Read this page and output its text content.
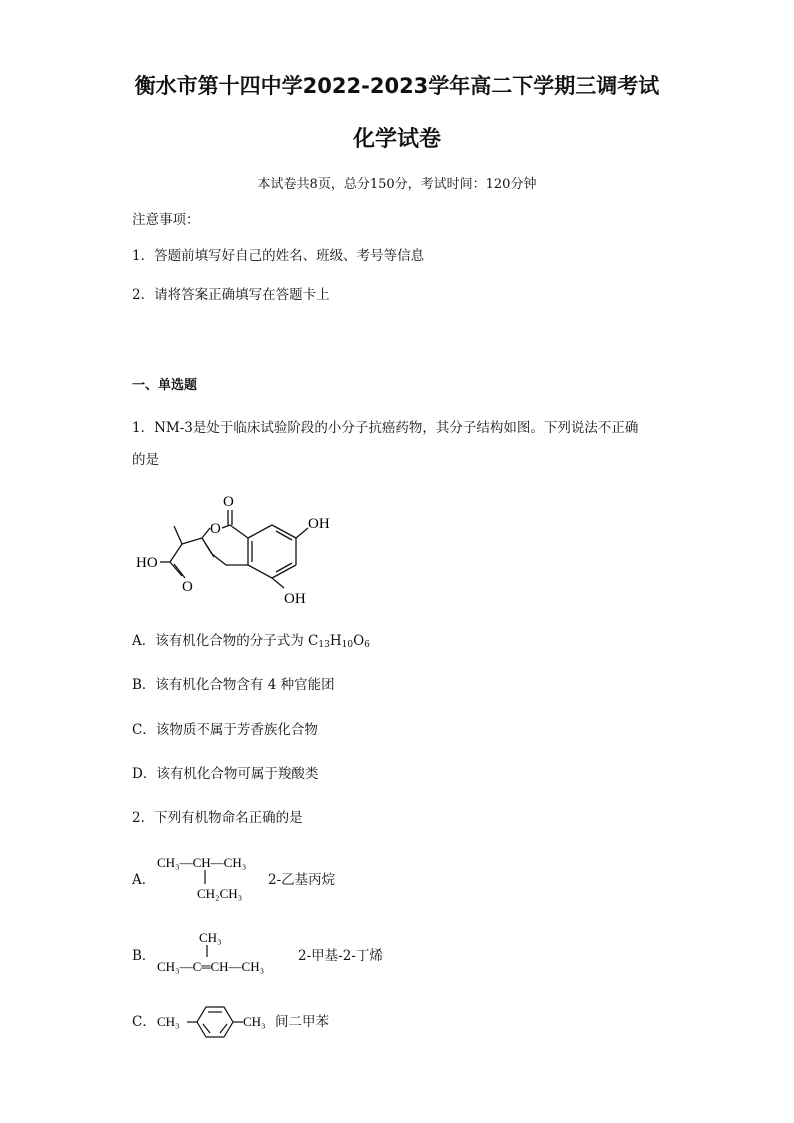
衡水市第十四中学2022-2023学年高二下学期三调考试
化学试卷
本试卷共8页，总分150分，考试时间：120分钟
注意事项：
1．答题前填写好自己的姓名、班级、考号等信息
2．请将答案正确填写在答题卡上
一、单选题
1．NM-3是处于临床试验阶段的小分子抗癌药物，其分子结构如图。下列说法不正确
的是
O
O	OH
OH
HO
O
A．该有机化合物的分子式为 $C_{13}H_{10}O_6$
B．该有机化合物含有 4 种官能团
C．该物质不属于芳香族化合物
D．该有机化合物可属于羧酸类
2．下列有机物命名正确的是
A．
CH₃—CH—CH₃
CH₂CH₃
2-乙基丙烷
B．
CH₃
CH₃—C═CH—CH₃
2-甲基-2-丁烯
C． CH₃	CH₃ 间二甲苯
